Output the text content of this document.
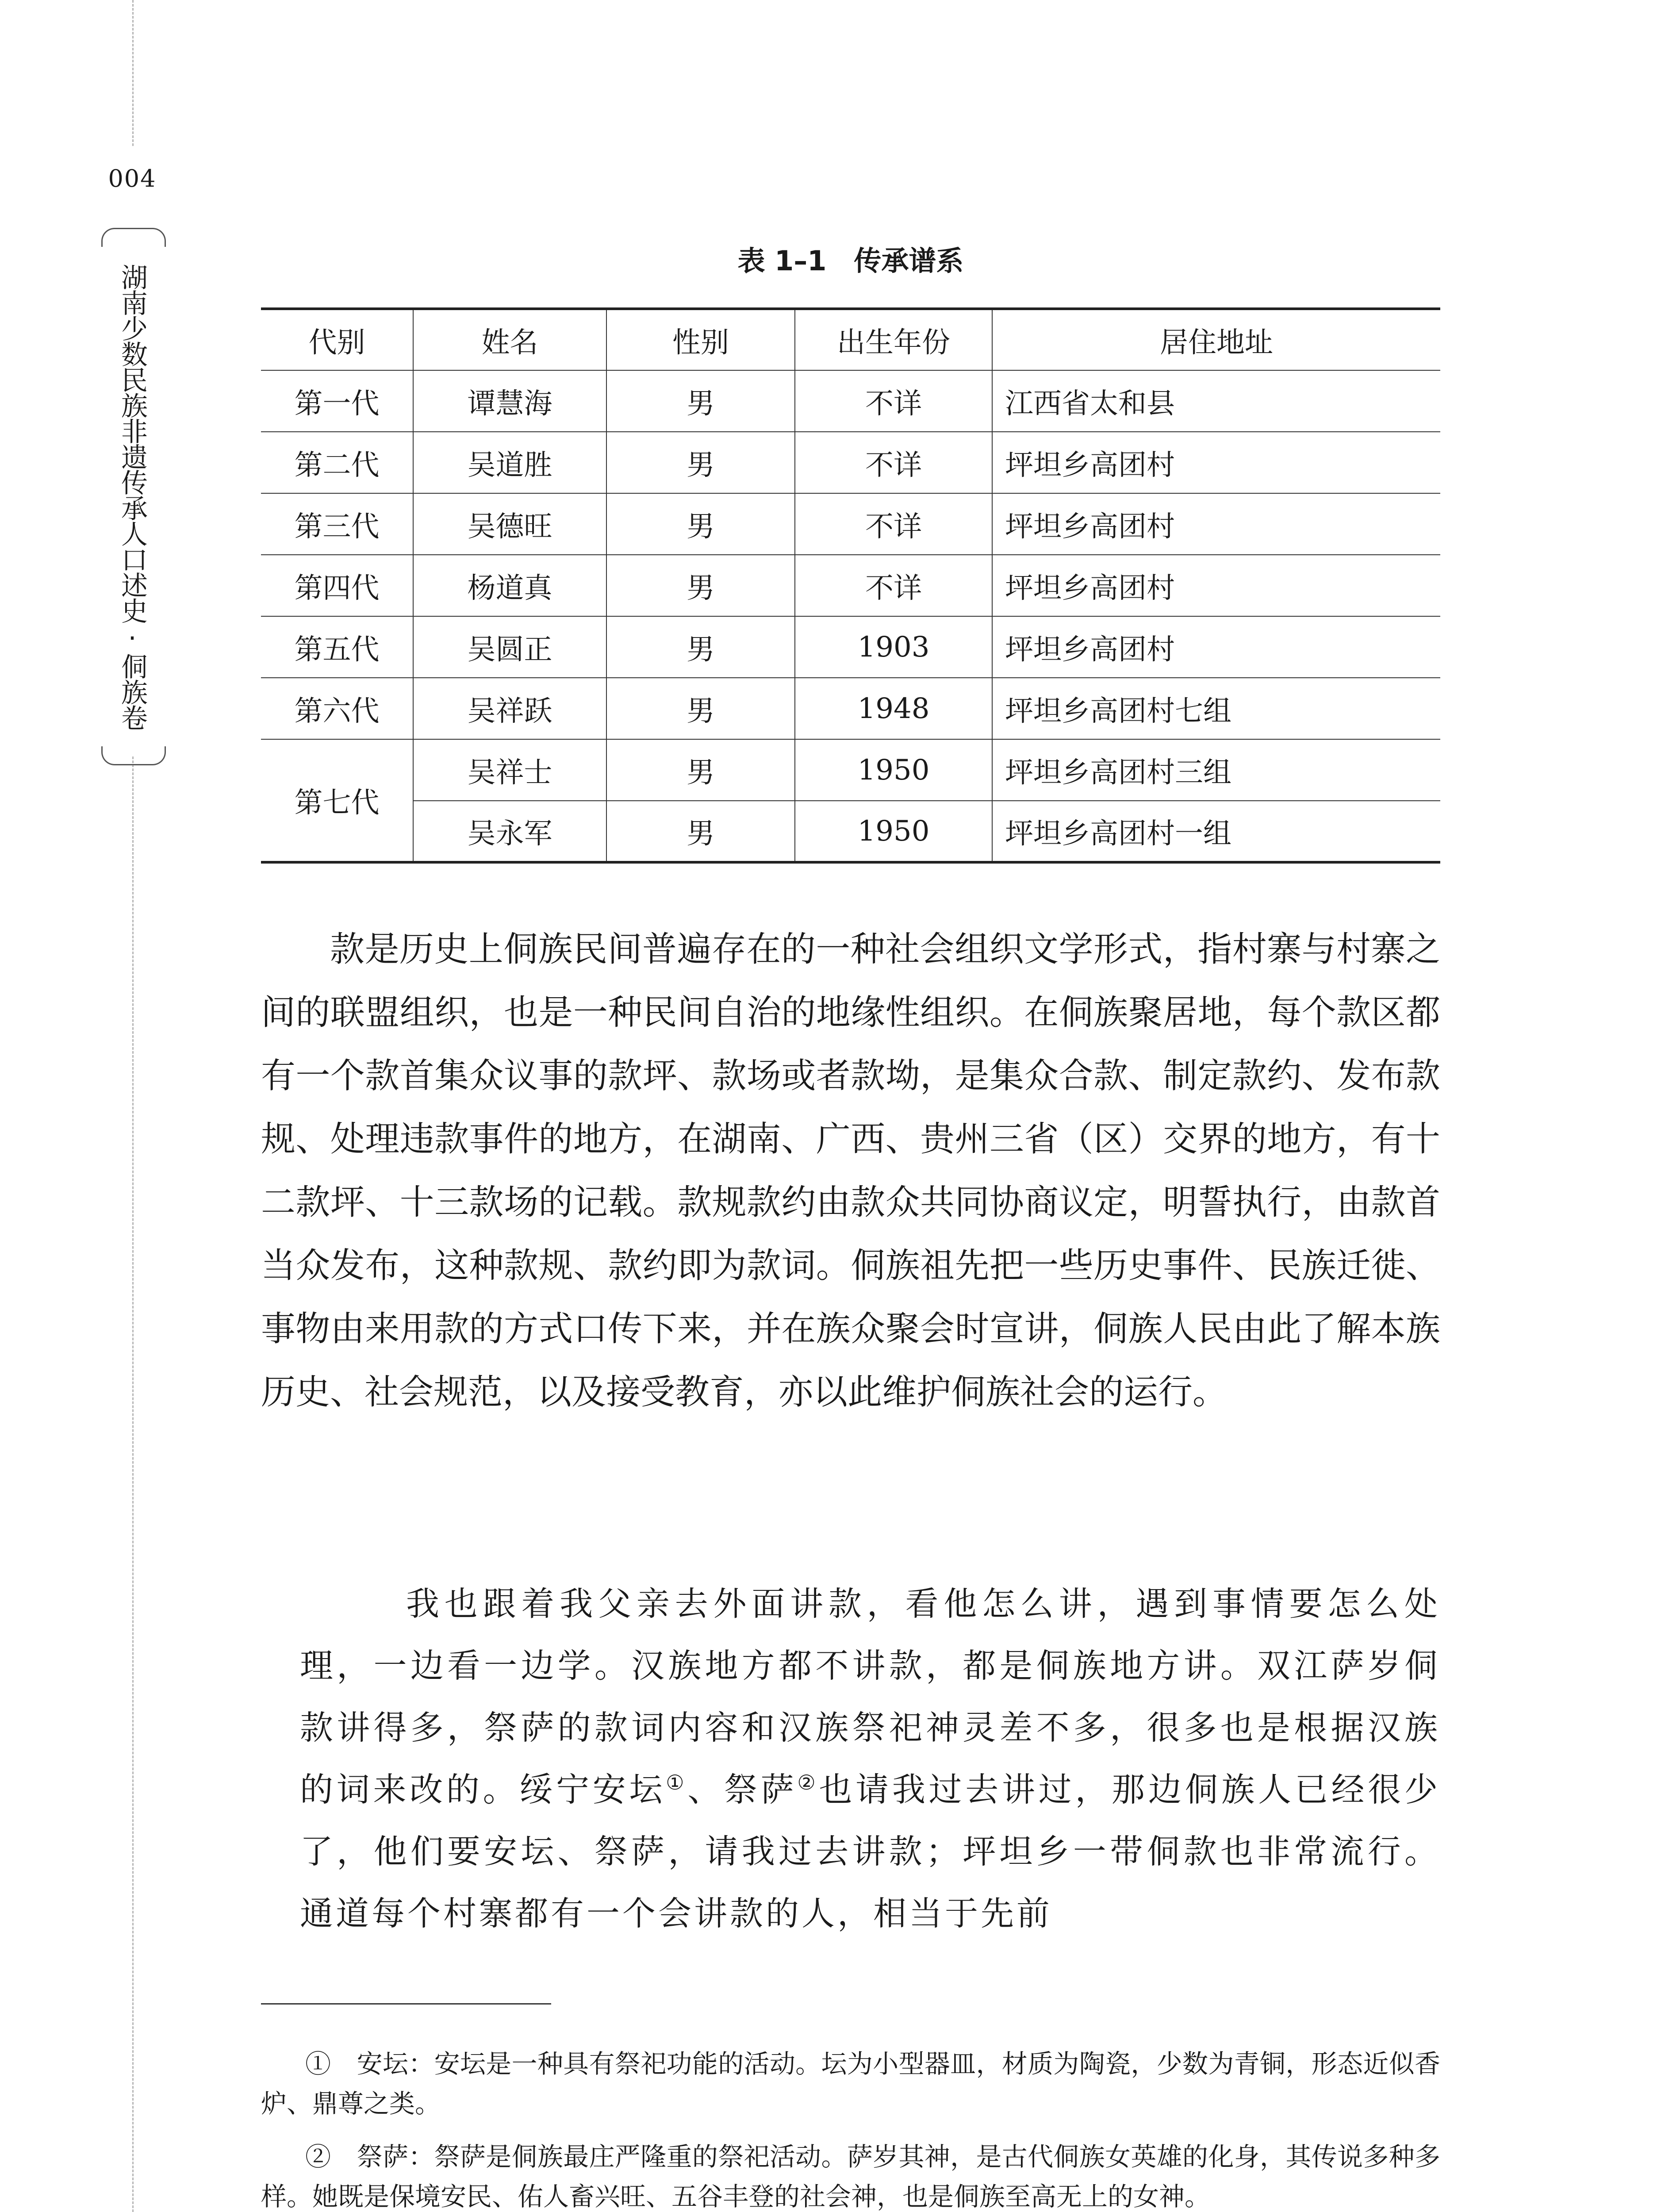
004
湖南少数民族非遗传承人口述史·侗族卷
表 1–1　传承谱系
代别	姓名	性别	出生年份	居住地址
第一代	谭慧海	男	不详	江西省太和县
第二代	吴道胜	男	不详	坪坦乡高团村
第三代	吴德旺	男	不详	坪坦乡高团村
第四代	杨道真	男	不详	坪坦乡高团村
第五代	吴圆正	男	1903	坪坦乡高团村
第六代	吴祥跃	男	1948	坪坦乡高团村七组
第七代	吴祥士	男	1950	坪坦乡高团村三组
	吴永军	男	1950	坪坦乡高团村一组

款是历史上侗族民间普遍存在的一种社会组织文学形式，指村寨与村寨之间的联盟组织，也是一种民间自治的地缘性组织。在侗族聚居地，每个款区都有一个款首集众议事的款坪、款场或者款坳，是集众合款、制定款约、发布款规、处理违款事件的地方，在湖南、广西、贵州三省（区）交界的地方，有十二款坪、十三款场的记载。款规款约由款众共同协商议定，明誓执行，由款首当众发布，这种款规、款约即为款词。侗族祖先把一些历史事件、民族迁徙、事物由来用款的方式口传下来，并在族众聚会时宣讲，侗族人民由此了解本族历史、社会规范，以及接受教育，亦以此维护侗族社会的运行。

我也跟着我父亲去外面讲款，看他怎么讲，遇到事情要怎么处理，一边看一边学。汉族地方都不讲款，都是侗族地方讲。双江萨岁侗款讲得多，祭萨的款词内容和汉族祭祀神灵差不多，很多也是根据汉族的词来改的。绥宁安坛①、祭萨②也请我过去讲过，那边侗族人已经很少了，他们要安坛、祭萨，请我过去讲款；坪坦乡一带侗款也非常流行。通道每个村寨都有一个会讲款的人，相当于先前

①　 安坛：安坛是一种具有祭祀功能的活动。坛为小型器皿，材质为陶瓷，少数为青铜，形态近似香炉、鼎尊之类。

②　 祭萨：祭萨是侗族最庄严隆重的祭祀活动。萨岁其神，是古代侗族女英雄的化身，其传说多种多样。她既是保境安民、佑人畜兴旺、五谷丰登的社会神，也是侗族至高无上的女神。
